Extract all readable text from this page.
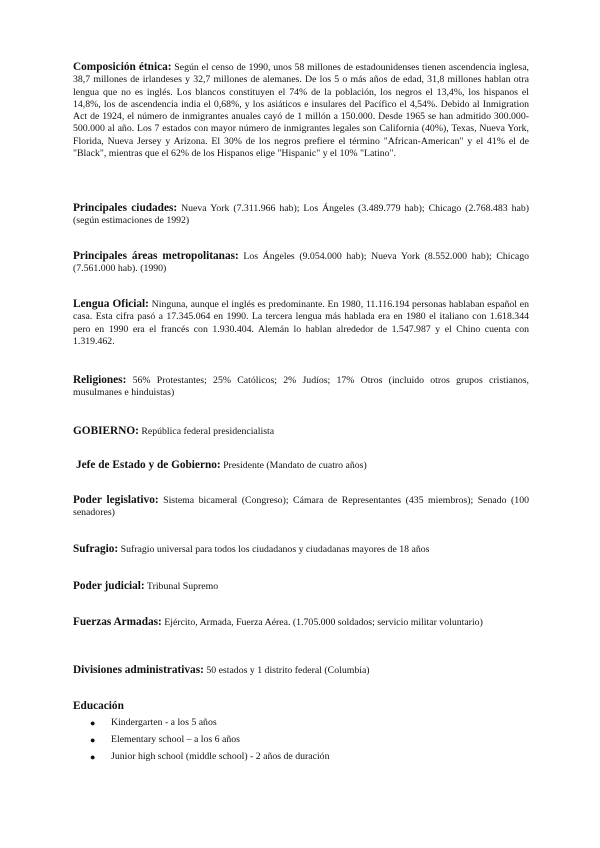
Composición étnica: Según el censo de 1990, unos 58 millones de estadounidenses tienen ascendencia inglesa, 38,7 millones de irlandeses y 32,7 millones de alemanes. De los 5 o más años de edad, 31,8 millones hablan otra lengua que no es inglés. Los blancos constituyen el 74% de la población, los negros el 13,4%, los hispanos el 14,8%, los de ascendencia india el 0,68%, y los asiáticos e insulares del Pacífico el 4,54%. Debido al Inmigration Act de 1924, el número de inmigrantes anuales cayó de 1 millón a 150.000. Desde 1965 se han admitido 300.000-500.000 al año. Los 7 estados con mayor número de inmigrantes legales son California (40%), Texas, Nueva York, Florida, Nueva Jersey y Arizona. El 30% de los negros prefiere el término "African-American" y el 41% el de "Black", mientras que el 62% de los Hispanos elige "Hispanic" y el 10% "Latino".

Principales ciudades: Nueva York (7.311.966 hab); Los Ángeles (3.489.779 hab); Chicago (2.768.483 hab) (según estimaciones de 1992)

Principales áreas metropolitanas: Los Ángeles (9.054.000 hab); Nueva York (8.552.000 hab); Chicago (7.561.000 hab). (1990)

Lengua Oficial: Ninguna, aunque el inglés es predominante. En 1980, 11.116.194 personas hablaban español en casa. Esta cifra pasó a 17.345.064 en 1990. La tercera lengua más hablada era en 1980 el italiano con 1.618.344 pero en 1990 era el francés con 1.930.404. Alemán lo hablan alrededor de 1.547.987 y el Chino cuenta con 1.319.462.

Religiones: 56% Protestantes; 25% Católicos; 2% Judíos; 17% Otros (incluido otros grupos cristianos, musulmanes e hinduistas)

GOBIERNO: República federal presidencialista

Jefe de Estado y de Gobierno: Presidente (Mandato de cuatro años)

Poder legislativo: Sistema bicameral (Congreso); Cámara de Representantes (435 miembros); Senado (100 senadores)

Sufragio: Sufragio universal para todos los ciudadanos y ciudadanas mayores de 18 años

Poder judicial: Tribunal Supremo

Fuerzas Armadas: Ejército, Armada, Fuerza Aérea. (1.705.000 soldados; servicio militar voluntario)

Divisiones administrativas: 50 estados y 1 distrito federal (Columbia)

Educación
● Kindergarten - a los 5 años
● Elementary school – a los 6 años
● Junior high school (middle school) - 2 años de duración
